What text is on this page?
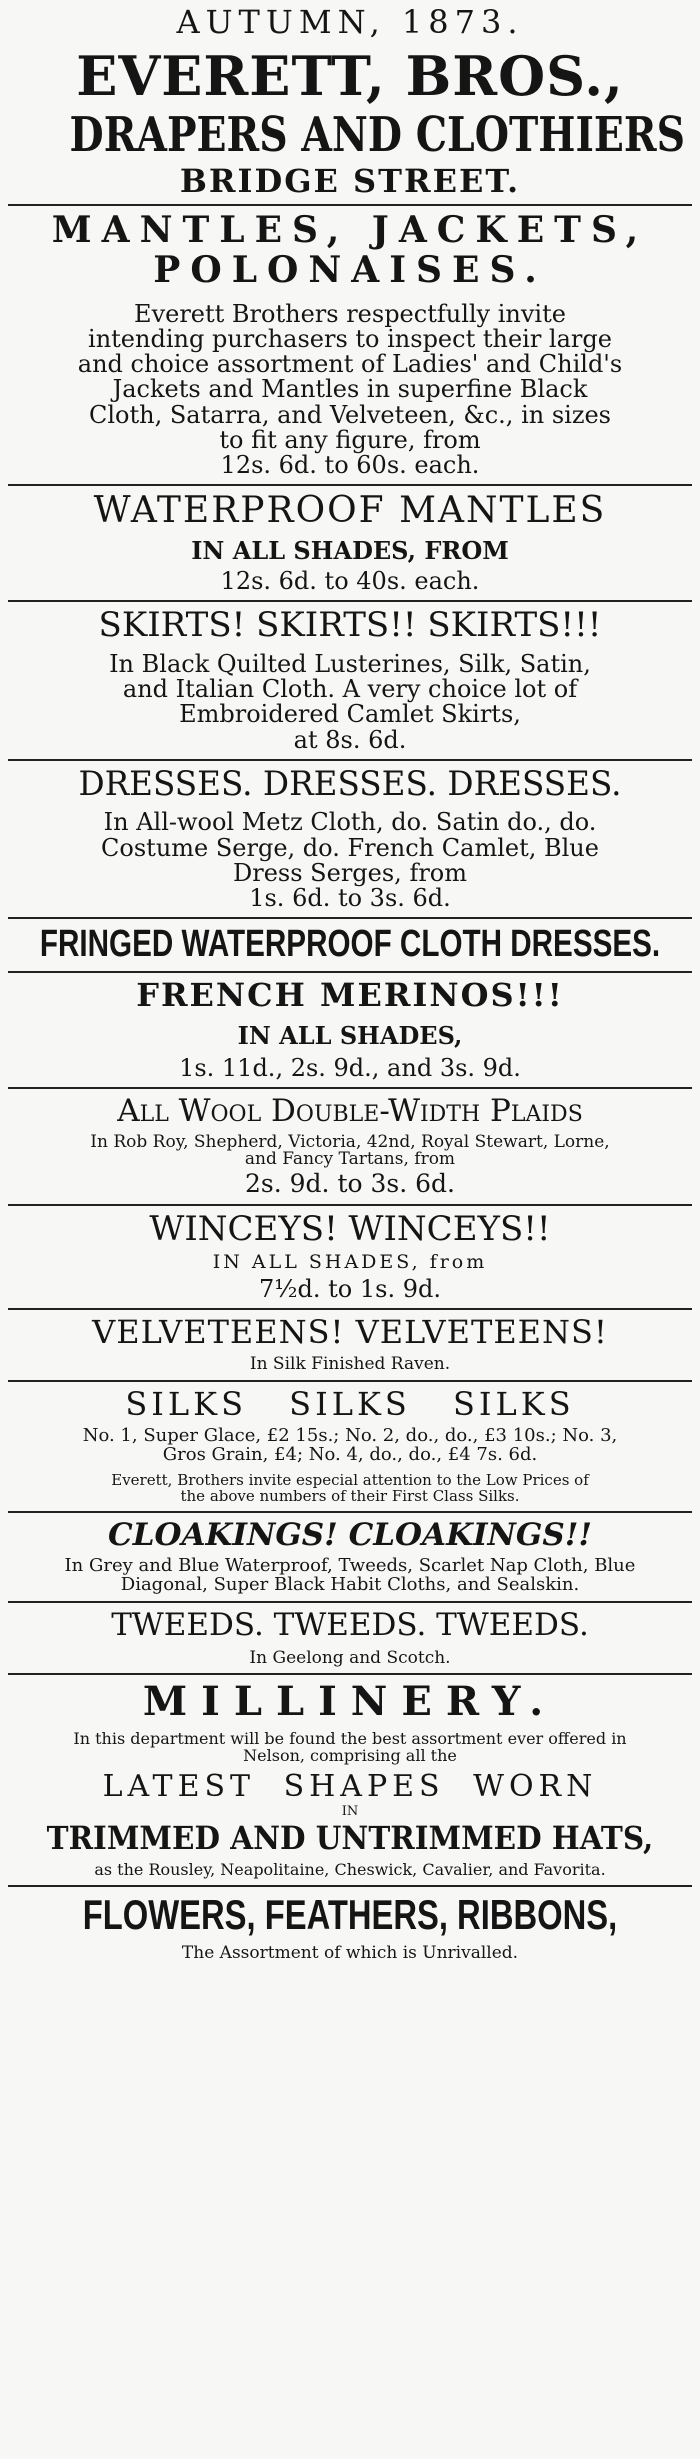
AUTUMN, 1873.
EVERETT, BROS.,
DRAPERS AND CLOTHIERS
BRIDGE STREET.
MANTLES, JACKETS,
POLONAISES.
Everett Brothers respectfully invite
intending purchasers to inspect their large
and choice assortment of Ladies' and Child's
Jackets and Mantles in superfine Black
Cloth, Satarra, and Velveteen, &c., in sizes
to fit any figure, from
12s. 6d. to 60s. each.
WATERPROOF MANTLES
IN ALL SHADES, FROM
12s. 6d. to 40s. each.
SKIRTS! SKIRTS!! SKIRTS!!!
In Black Quilted Lusterines, Silk, Satin,
and Italian Cloth. A very choice lot of
Embroidered Camlet Skirts,
at 8s. 6d.
DRESSES. DRESSES. DRESSES.
In All-wool Metz Cloth, do. Satin do., do.
Costume Serge, do. French Camlet, Blue
Dress Serges, from
1s. 6d. to 3s. 6d.
FRINGED WATERPROOF CLOTH DRESSES.
FRENCH MERINOS!!!
IN ALL SHADES,
1s. 11d., 2s. 9d., and 3s. 9d.
All Wool Double-Width Plaids
In Rob Roy, Shepherd, Victoria, 42nd, Royal Stewart, Lorne,
and Fancy Tartans, from
2s. 9d. to 3s. 6d.
WINCEYS! WINCEYS!!
IN ALL SHADES, from
7½d. to 1s. 9d.
VELVETEENS! VELVETEENS!
In Silk Finished Raven.
SILKS SILKS SILKS
No. 1, Super Glace, £2 15s.; No. 2, do., do., £3 10s.; No. 3,
Gros Grain, £4; No. 4, do., do., £4 7s. 6d.
Everett, Brothers invite especial attention to the Low Prices of
the above numbers of their First Class Silks.
CLOAKINGS! CLOAKINGS!!
In Grey and Blue Waterproof, Tweeds, Scarlet Nap Cloth, Blue
Diagonal, Super Black Habit Cloths, and Sealskin.
TWEEDS. TWEEDS. TWEEDS.
In Geelong and Scotch.
MILLINERY.
In this department will be found the best assortment ever offered in
Nelson, comprising all the
LATEST SHAPES WORN
IN
TRIMMED AND UNTRIMMED HATS,
as the Rousley, Neapolitaine, Cheswick, Cavalier, and Favorita.
FLOWERS, FEATHERS, RIBBONS,
The Assortment of which is Unrivalled.
